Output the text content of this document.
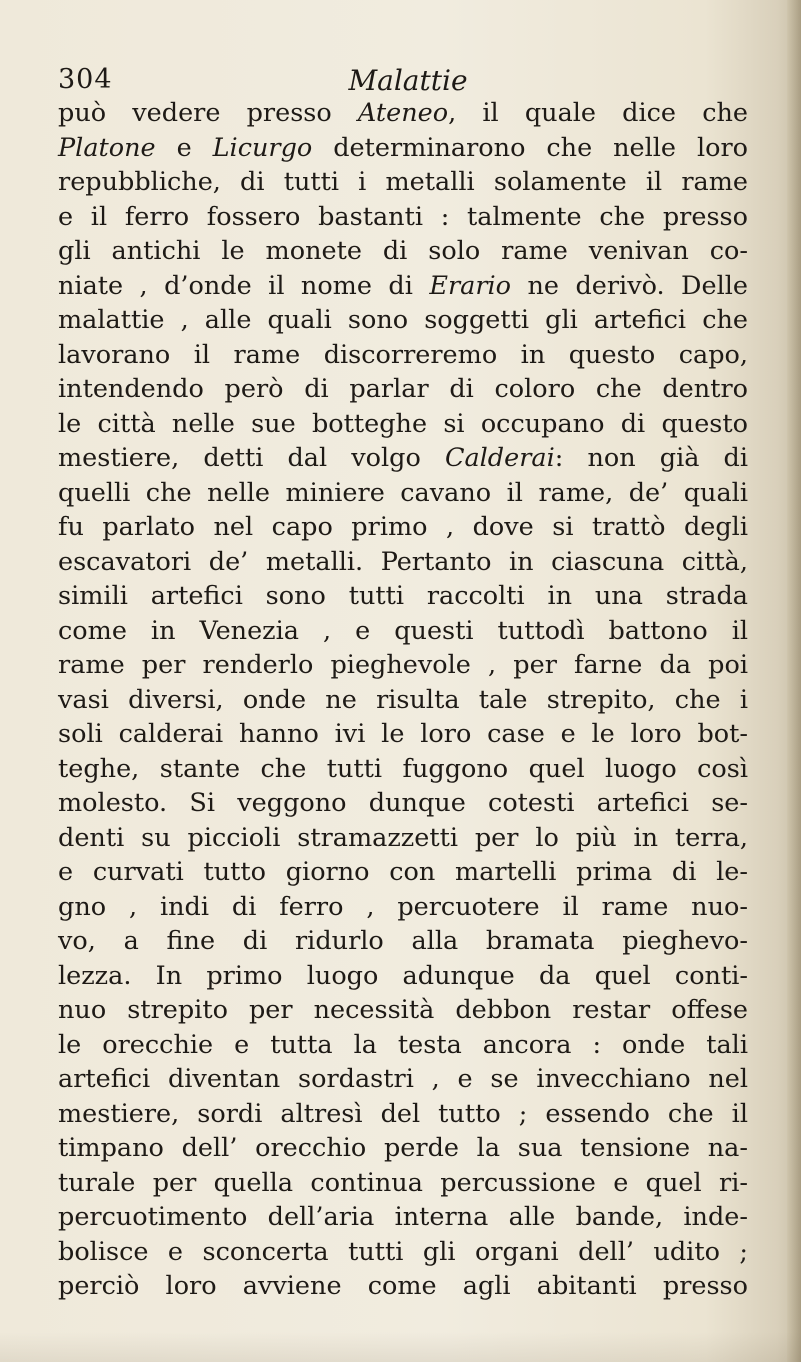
304	Malattie
può vedere presso Ateneo, il quale dice che
Platone e Licurgo determinarono che nelle loro
repubbliche, di tutti i metalli solamente il rame
e il ferro fossero bastanti : talmente che presso
gli antichi le monete di solo rame venivan co-
niate , d’onde il nome di Erario ne derivò. Delle
malattie , alle quali sono soggetti gli artefici che
lavorano il rame discorreremo in questo capo,
intendendo però di parlar di coloro che dentro
le città nelle sue botteghe si occupano di questo
mestiere, detti dal volgo Calderai: non già di
quelli che nelle miniere cavano il rame, de’ quali
fu parlato nel capo primo , dove si trattò degli
escavatori de’ metalli. Pertanto in ciascuna città,
simili artefici sono tutti raccolti in una strada
come in Venezia , e questi tuttodì battono il
rame per renderlo pieghevole , per farne da poi
vasi diversi, onde ne risulta tale strepito, che i
soli calderai hanno ivi le loro case e le loro bot-
teghe, stante che tutti fuggono quel luogo così
molesto. Si veggono dunque cotesti artefici se-
denti su piccioli stramazzetti per lo più in terra,
e curvati tutto giorno con martelli prima di le-
gno , indi di ferro , percuotere il rame nuo-
vo, a fine di ridurlo alla bramata pieghevo-
lezza. In primo luogo adunque da quel conti-
nuo strepito per necessità debbon restar offese
le orecchie e tutta la testa ancora : onde tali
artefici diventan sordastri , e se invecchiano nel
mestiere, sordi altresì del tutto ; essendo che il
timpano dell’ orecchio perde la sua tensione na-
turale per quella continua percussione e quel ri-
percuotimento dell’aria interna alle bande, inde-
bolisce e sconcerta tutti gli organi dell’ udito ;
perciò loro avviene come agli abitanti presso
